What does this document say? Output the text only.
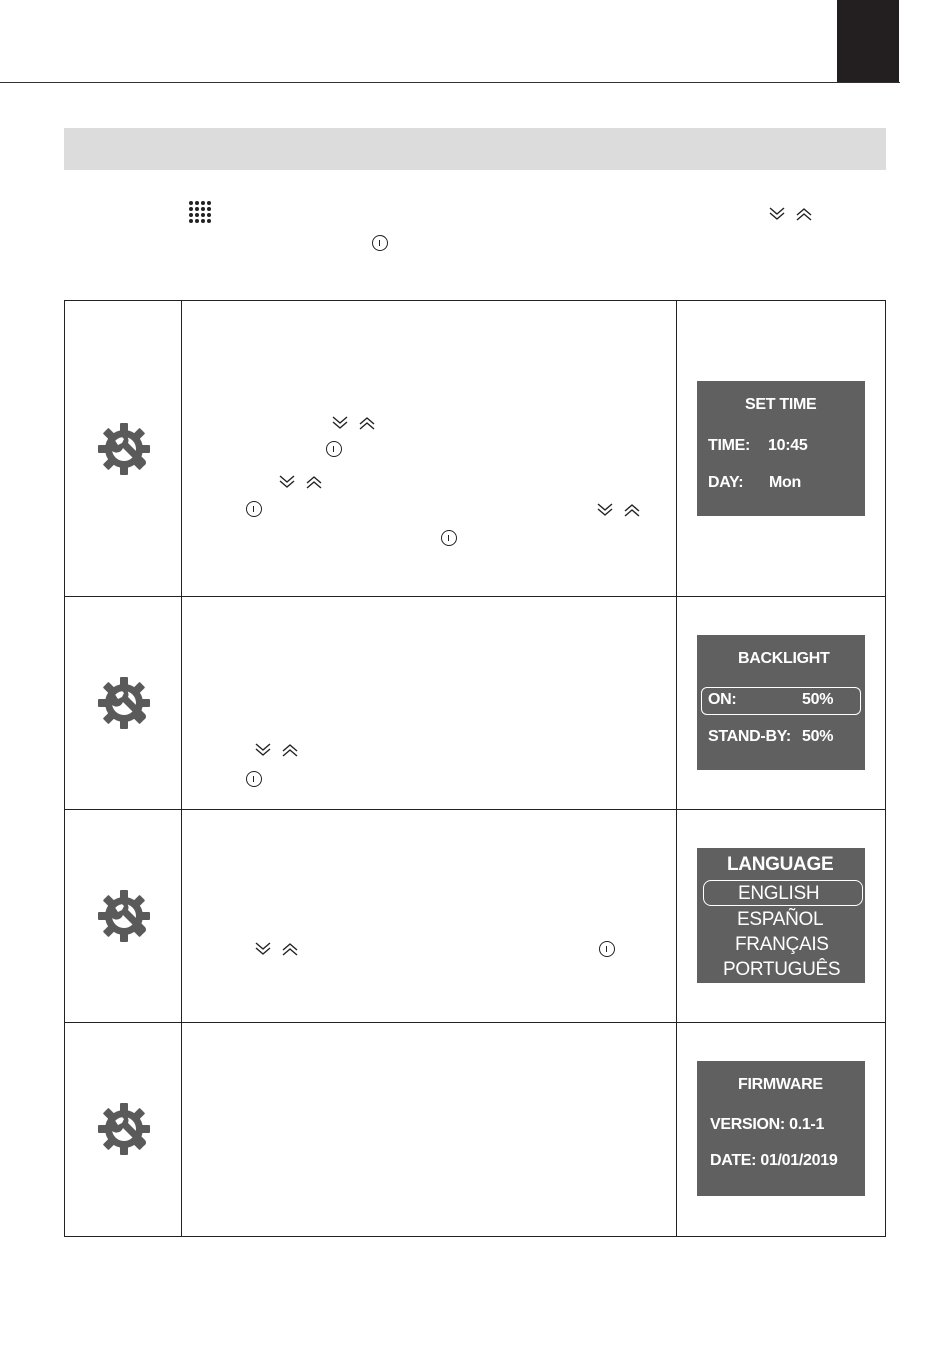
SET TIME
TIME: 10:45
DAY: Mon
BACKLIGHT
ON:	50%
STAND-BY: 50%
LANGUAGE
ENGLISH
ESPAÑOL
FRANÇAIS
PORTUGUÊS
FIRMWARE
VERSION: 0.1-1
DATE: 01/01/2019
